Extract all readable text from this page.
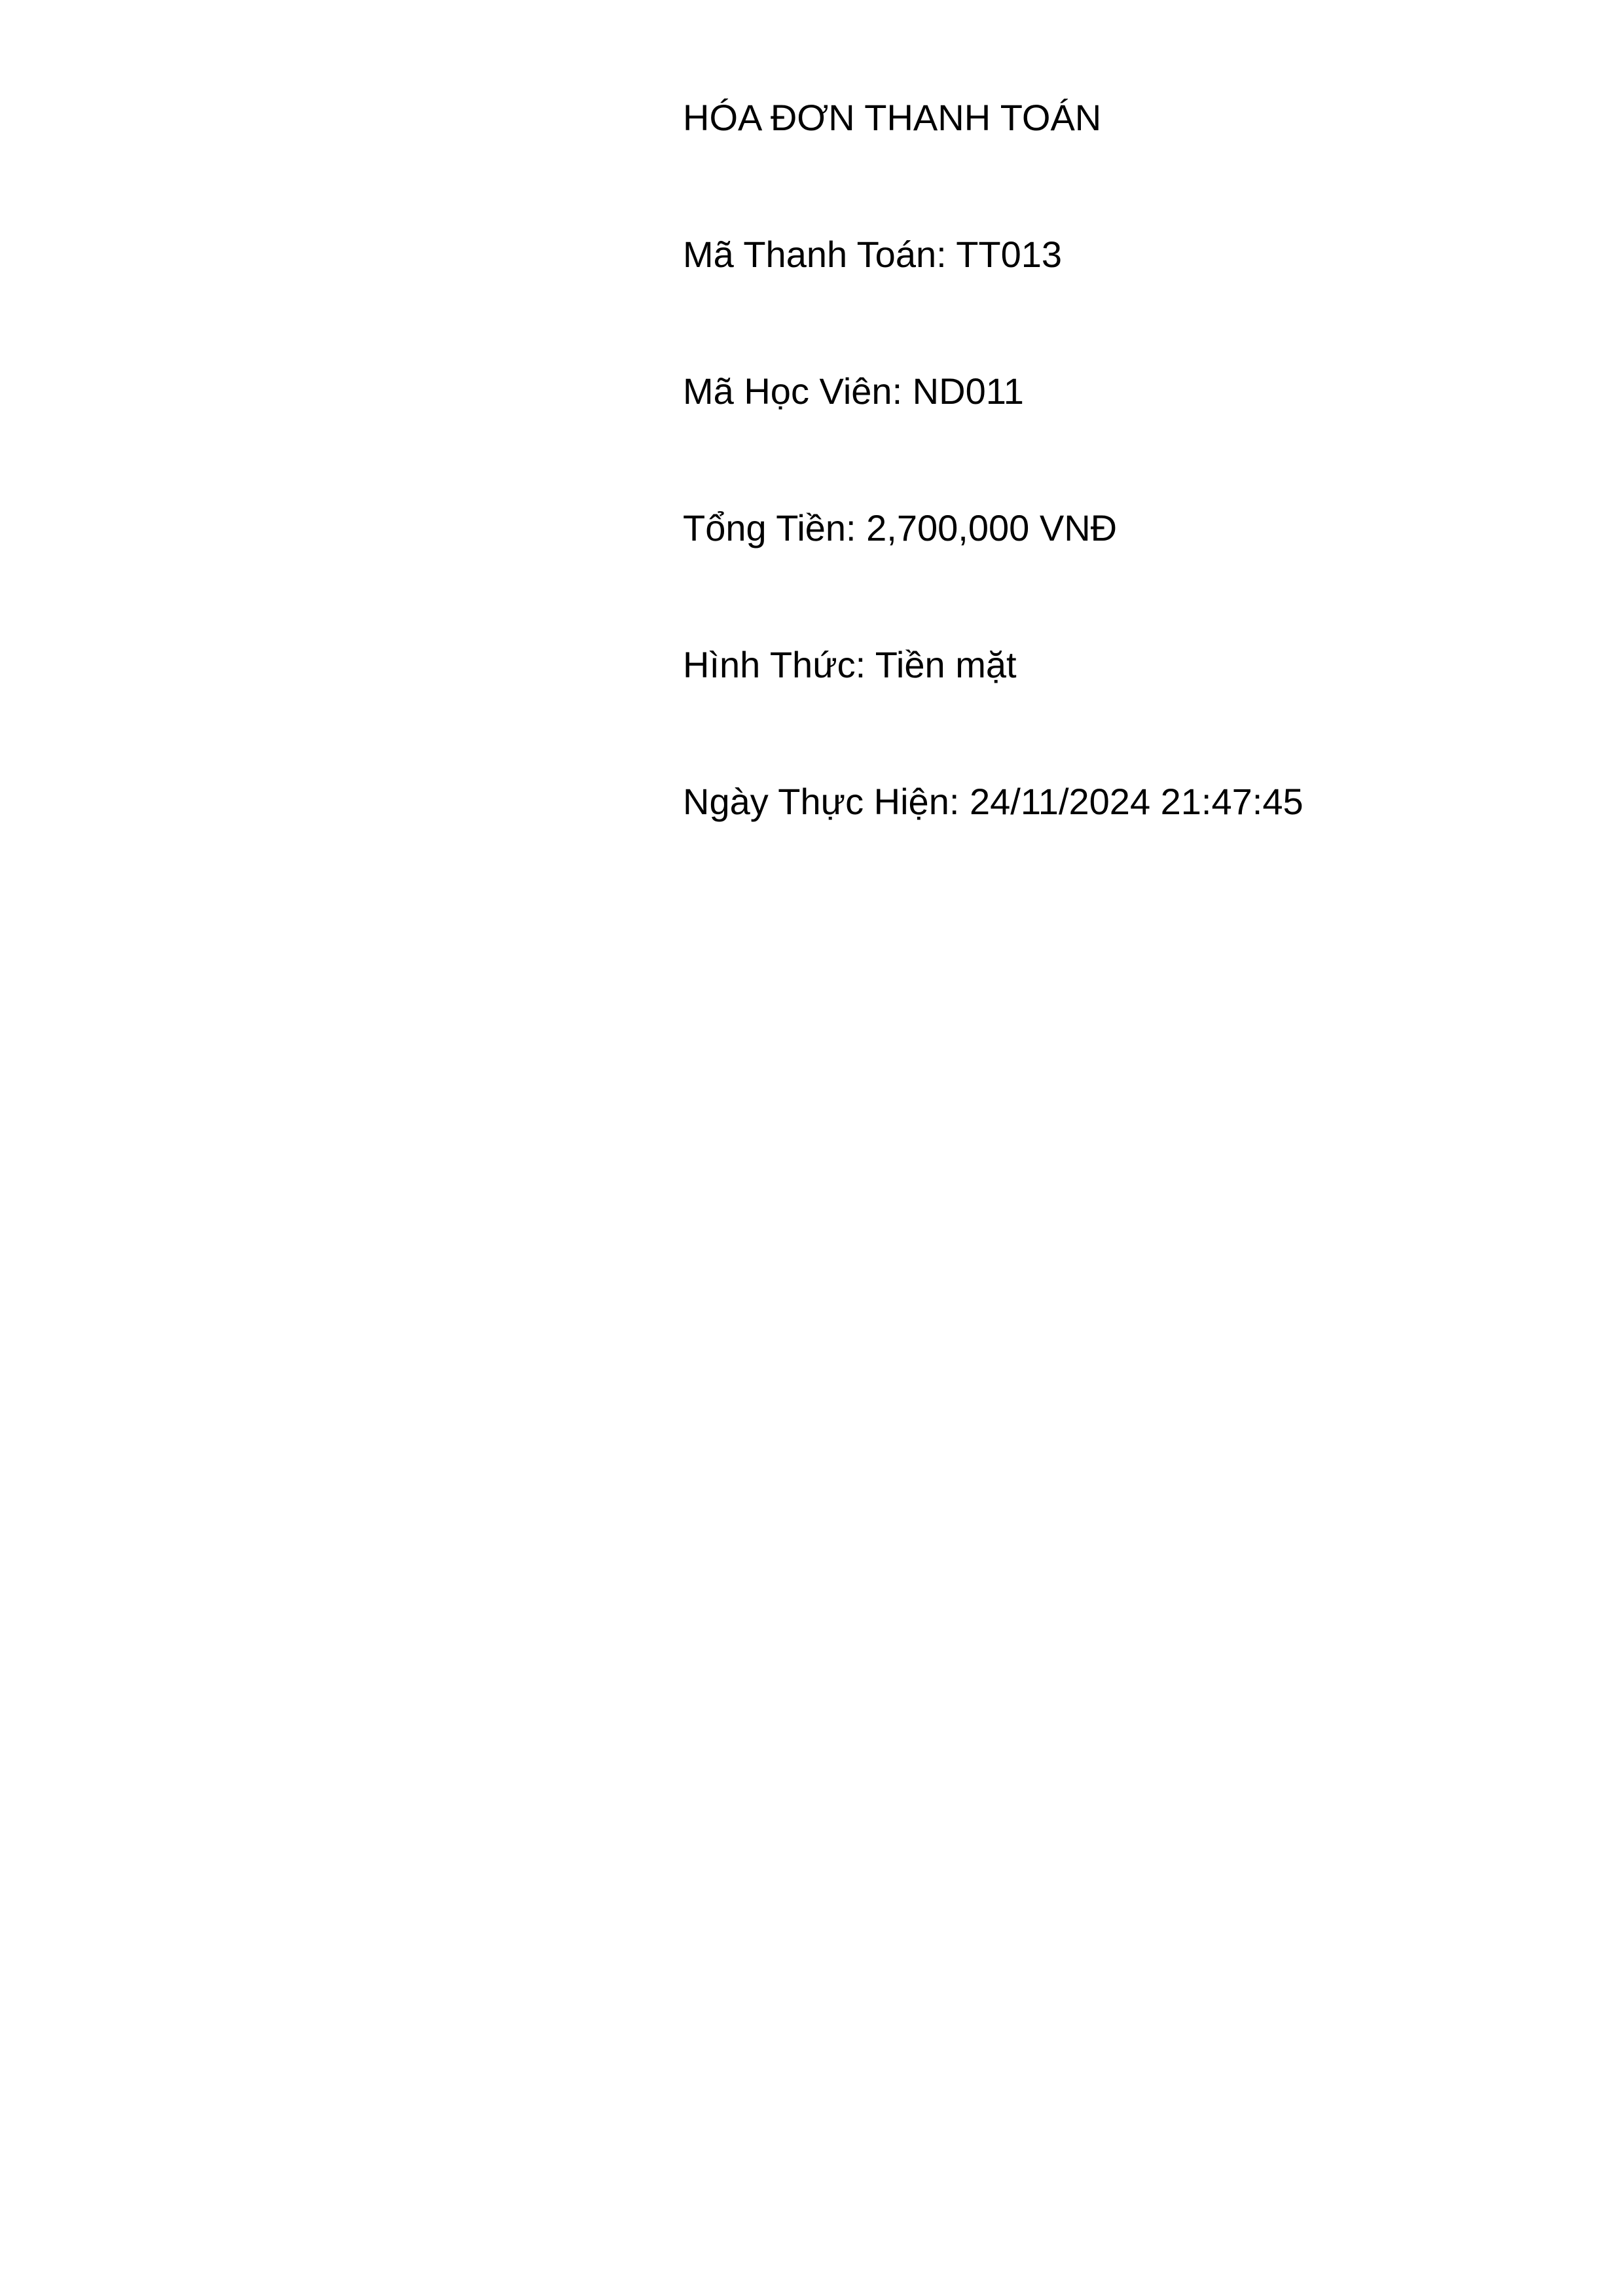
HÓA ĐƠN THANH TOÁN
Mã Thanh Toán: TT013
Mã Học Viên: ND011
Tổng Tiền: 2,700,000 VNĐ
Hình Thức: Tiền mặt
Ngày Thực Hiện: 24/11/2024 21:47:45
